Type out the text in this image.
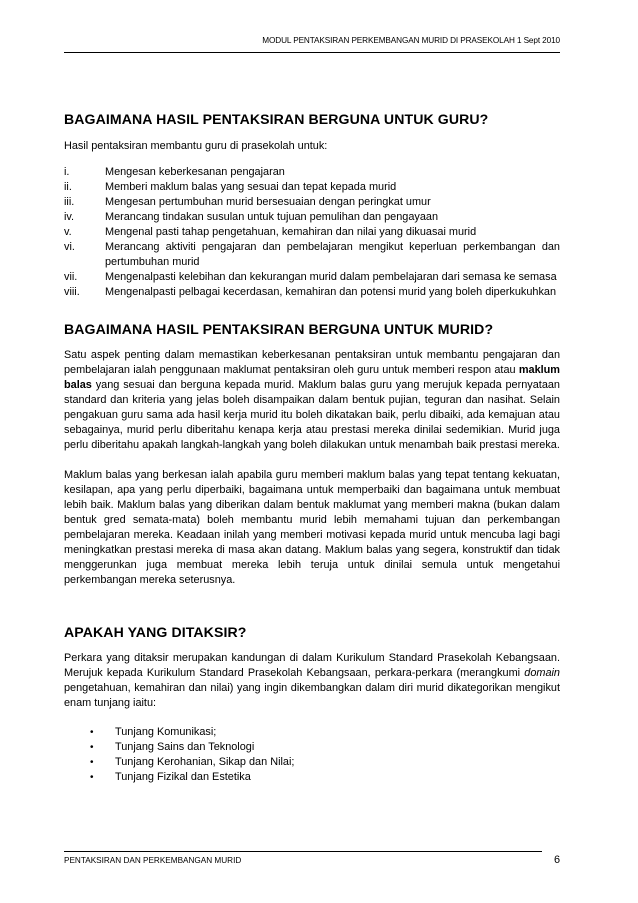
MODUL PENTAKSIRAN PERKEMBANGAN MURID DI PRASEKOLAH 1 Sept 2010
BAGAIMANA HASIL PENTAKSIRAN BERGUNA UNTUK GURU?

Hasil pentaksiran membantu guru di prasekolah untuk:

i.	Mengesan keberkesanan pengajaran
ii.	Memberi maklum balas yang sesuai dan tepat kepada murid
iii.	Mengesan pertumbuhan murid bersesuaian dengan peringkat umur
iv.	Merancang tindakan susulan untuk tujuan pemulihan dan pengayaan
v.	Mengenal pasti tahap pengetahuan, kemahiran dan nilai yang dikuasai murid
vi.	Merancang aktiviti pengajaran dan pembelajaran mengikut keperluan perkembangan dan pertumbuhan murid
vii.	Mengenalpasti kelebihan dan kekurangan murid dalam pembelajaran dari semasa ke semasa
viii.	Mengenalpasti pelbagai kecerdasan, kemahiran dan potensi murid yang boleh diperkukuhkan
BAGAIMANA HASIL PENTAKSIRAN BERGUNA UNTUK MURID?

Satu aspek penting dalam memastikan keberkesanan pentaksiran untuk membantu pengajaran dan pembelajaran ialah penggunaan maklumat pentaksiran oleh guru untuk memberi respon atau maklum balas yang sesuai dan berguna kepada murid. Maklum balas guru yang merujuk kepada pernyataan standard dan kriteria yang jelas boleh disampaikan dalam bentuk pujian, teguran dan nasihat. Selain pengakuan guru sama ada hasil kerja murid itu boleh dikatakan baik, perlu dibaiki, ada kemajuan atau sebagainya, murid perlu diberitahu kenapa kerja atau prestasi mereka dinilai sedemikian. Murid juga perlu diberitahu apakah langkah-langkah yang boleh dilakukan untuk menambah baik prestasi mereka.

Maklum balas yang berkesan ialah apabila guru memberi maklum balas yang tepat tentang kekuatan, kesilapan, apa yang perlu diperbaiki, bagaimana untuk memperbaiki dan bagaimana untuk membuat lebih baik. Maklum balas yang diberikan dalam bentuk maklumat yang memberi makna (bukan dalam bentuk gred semata-mata) boleh membantu murid lebih memahami tujuan dan perkembangan pembelajaran mereka. Keadaan inilah yang memberi motivasi kepada murid untuk mencuba lagi bagi meningkatkan prestasi mereka di masa akan datang. Maklum balas yang segera, konstruktif dan tidak menggerunkan juga membuat mereka lebih teruja untuk dinilai semula untuk mengetahui perkembangan mereka seterusnya.

APAKAH YANG DITAKSIR?

Perkara yang ditaksir merupakan kandungan di dalam Kurikulum Standard Prasekolah Kebangsaan. Merujuk kepada Kurikulum Standard Prasekolah Kebangsaan, perkara-perkara (merangkumi domain pengetahuan, kemahiran dan nilai) yang ingin dikembangkan dalam diri murid dikategorikan mengikut enam tunjang iaitu:

•	Tunjang Komunikasi;
•	Tunjang Sains dan Teknologi
•	Tunjang Kerohanian, Sikap dan Nilai;
•	Tunjang Fizikal dan Estetika
PENTAKSIRAN DAN PERKEMBANGAN MURID	6
